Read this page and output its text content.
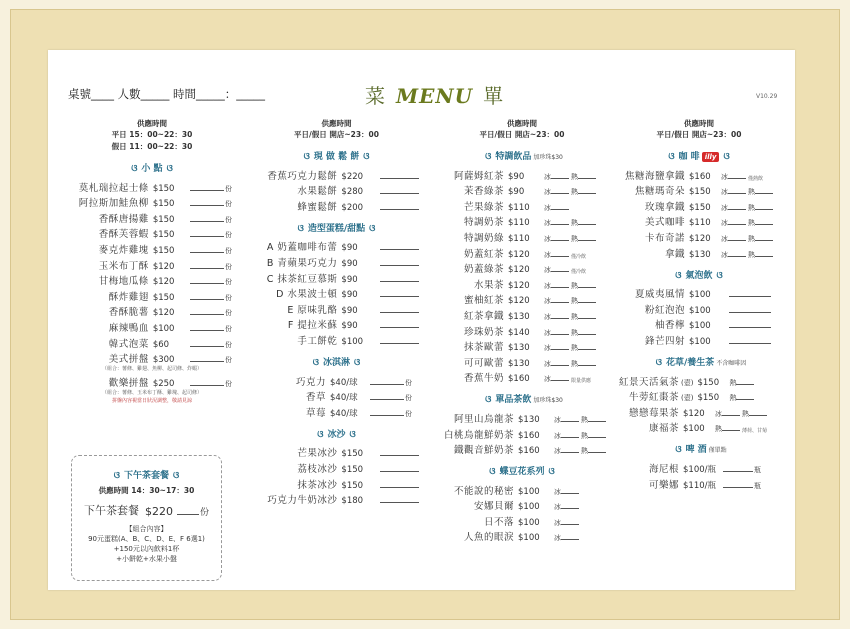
桌號____ 人數_____ 時間_____：_____	菜 MENU 單	V10.29
供應時間
平日 15：00~22：30
假日 11：00~22：30
ଓ 小 點 ଓ
莫札瑞拉起士條 $150	份
阿拉斯加鮭魚柳 $150	份
香酥唐揚雞 $150	份
香酥芙蓉蝦 $150	份
麥克炸雞塊 $150	份
玉米布丁酥 $120	份
甘梅地瓜條 $120	份
酥炸雞翅 $150	份
香酥脆薯 $120	份
麻辣鴨血 $100	份
韓式泡菜 $60	份
美式拼盤 $300	份
（組合：薯條、雞翅、魚柳、起司條、炸蝦）
歡樂拼盤 $250	份
（組合：薯條、玉米布丁酥、雞塊、起司條）
拼盤內容視當日狀況調整，敬請見諒
ଓ 下午茶套餐 ଓ
供應時間 14：30~17：30
下午茶套餐 $220	份
【組合內容】
90元蛋糕(A、B、C、D、E、F 6選1)
+150元以內飲料1杯
+小餅乾+水果小盤
供應時間
平日/假日 開店~23：00
ଓ 現 做 鬆 餅 ଓ
香蕉巧克力鬆餅 $220
水果鬆餅 $280
蜂蜜鬆餅 $200
ଓ 造型蛋糕/甜點 ଓ
A 奶蓋咖啡布蕾 $90
B 青蘋果巧克力 $90
C 抹茶紅豆慕斯 $90
D 水果波士頓 $90
E 原味乳酪 $90
F 提拉米蘇 $90
手工餅乾 $100
ଓ 冰淇淋 ଓ
巧克力 $40/球	份
香草 $40/球	份
草莓 $40/球	份
ଓ 冰沙 ଓ
芒果冰沙 $150
荔枝冰沙 $150
抹茶冰沙 $150
巧克力牛奶冰沙 $180
供應時間
平日/假日 開店~23：00
ଓ 特調飲品 加珍珠$30
阿薩姆紅茶 $90	冰	熱
茉香綠茶 $90	冰	熱
芒果綠茶 $110	冰
特調奶茶 $110	冰	熱
特調奶綠 $110	冰	熱
奶蓋紅茶 $120	冰	僅冷飲
奶蓋綠茶 $120	冰	僅冷飲
水果茶 $120	冰	熱
蜜柚紅茶 $120	冰	熱
紅茶拿鐵 $130	冰	熱
珍珠奶茶 $140	冰	熱
抹茶歐蕾 $130	冰	熱
可可歐蕾 $130	冰	熱
香蕉牛奶 $160	冰	限量供應
ଓ 單品茶飲 加珍珠$30
阿里山烏龍茶 $130	冰	熱
白桃烏龍鮮奶茶 $160	冰	熱
鐵觀音鮮奶茶 $160	冰	熱
ଓ 蝶豆花系列 ଓ
不能說的秘密 $100	冰
安娜貝爾 $100	冰
日不落 $100	冰
人魚的眼淚 $100	冰
供應時間
平日/假日 開店~23：00
ଓ 咖 啡 illy ଓ
焦糖海鹽拿鐵 $160	冰	僅熱飲
焦糖瑪奇朵 $150	冰	熱
玫瑰拿鐵 $150	冰	熱
美式咖啡 $110	冰	熱
卡布奇諾 $120	冰	熱
拿鐵 $130	冰	熱
ଓ 氣泡飲 ଓ
夏威夷風情 $100
粉紅泡泡 $100
柚香檸 $100
鋒芒四射 $100
ଓ 花草/養生茶 不含咖啡因
紅景天活氣茶 (壺) $150	熱
牛蒡紅棗茶 (壺) $150	熱
戀戀莓果茶 $120	冰	熱
康福茶 $100	熱	薄荷、甘菊
ଓ 啤 酒 僅單點
海尼根 $100/瓶	瓶
可樂娜 $110/瓶	瓶
